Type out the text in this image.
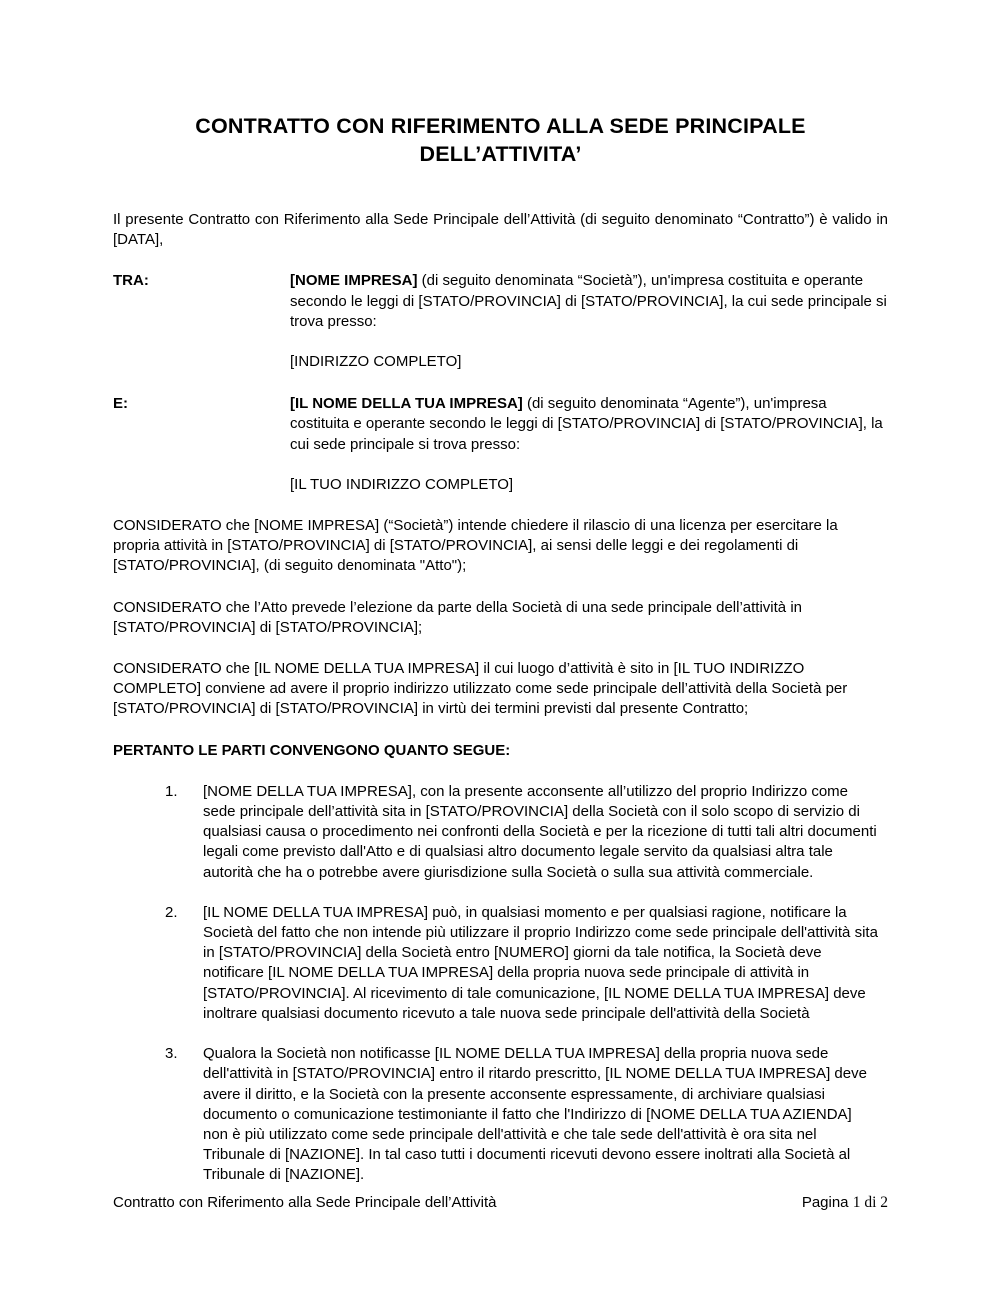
CONTRATTO CON RIFERIMENTO ALLA SEDE PRINCIPALE DELL’ATTIVITA’

Il presente Contratto con Riferimento alla Sede Principale dell’Attività (di seguito denominato “Contratto”) è valido in [DATA],

TRA:	[NOME IMPRESA] (di seguito denominata “Società”), un'impresa costituita e operante secondo le leggi di [STATO/PROVINCIA] di [STATO/PROVINCIA], la cui sede principale si trova presso:
[INDIRIZZO COMPLETO]
E:	[IL NOME DELLA TUA IMPRESA] (di seguito denominata “Agente”), un'impresa costituita e operante secondo le leggi di [STATO/PROVINCIA] di [STATO/PROVINCIA], la cui sede principale si trova presso:
[IL TUO INDIRIZZO COMPLETO]

CONSIDERATO che [NOME IMPRESA] (“Società”) intende chiedere il rilascio di una licenza per esercitare la propria attività in [STATO/PROVINCIA] di [STATO/PROVINCIA], ai sensi delle leggi e dei regolamenti di [STATO/PROVINCIA], (di seguito denominata "Atto");

CONSIDERATO che l’Atto prevede l’elezione da parte della Società di una sede principale dell’attività in [STATO/PROVINCIA] di [STATO/PROVINCIA];

CONSIDERATO che [IL NOME DELLA TUA IMPRESA] il cui luogo d’attività è sito in [IL TUO INDIRIZZO COMPLETO] conviene ad avere il proprio indirizzo utilizzato come sede principale dell’attività della Società per [STATO/PROVINCIA] di [STATO/PROVINCIA] in virtù dei termini previsti dal presente Contratto;

PERTANTO LE PARTI CONVENGONO QUANTO SEGUE:

1.	[NOME DELLA TUA IMPRESA], con la presente acconsente all’utilizzo del proprio Indirizzo come sede principale dell’attività sita in [STATO/PROVINCIA] della Società con il solo scopo di servizio di qualsiasi causa o procedimento nei confronti della Società e per la ricezione di tutti tali altri documenti legali come previsto dall'Atto e di qualsiasi altro documento legale servito da qualsiasi altra tale autorità che ha o potrebbe avere giurisdizione sulla Società o sulla sua attività commerciale.
2.	[IL NOME DELLA TUA IMPRESA] può, in qualsiasi momento e per qualsiasi ragione, notificare la Società del fatto che non intende più utilizzare il proprio Indirizzo come sede principale dell'attività sita in [STATO/PROVINCIA] della Società entro [NUMERO] giorni da tale notifica, la Società deve notificare [IL NOME DELLA TUA IMPRESA] della propria nuova sede principale di attività in [STATO/PROVINCIA]. Al ricevimento di tale comunicazione, [IL NOME DELLA TUA IMPRESA] deve inoltrare qualsiasi documento ricevuto a tale nuova sede principale dell'attività della Società
3.	Qualora la Società non notificasse [IL NOME DELLA TUA IMPRESA] della propria nuova sede dell'attività in [STATO/PROVINCIA] entro il ritardo prescritto, [IL NOME DELLA TUA IMPRESA] deve avere il diritto, e la Società con la presente acconsente espressamente, di archiviare qualsiasi documento o comunicazione testimoniante il fatto che l'Indirizzo di [NOME DELLA TUA AZIENDA] non è più utilizzato come sede principale dell'attività e che tale sede dell'attività è ora sita nel Tribunale di [NAZIONE]. In tal caso tutti i documenti ricevuti devono essere inoltrati alla Società al Tribunale di [NAZIONE].
Contratto con Riferimento alla Sede Principale dell’Attività	Pagina 1 di 2
